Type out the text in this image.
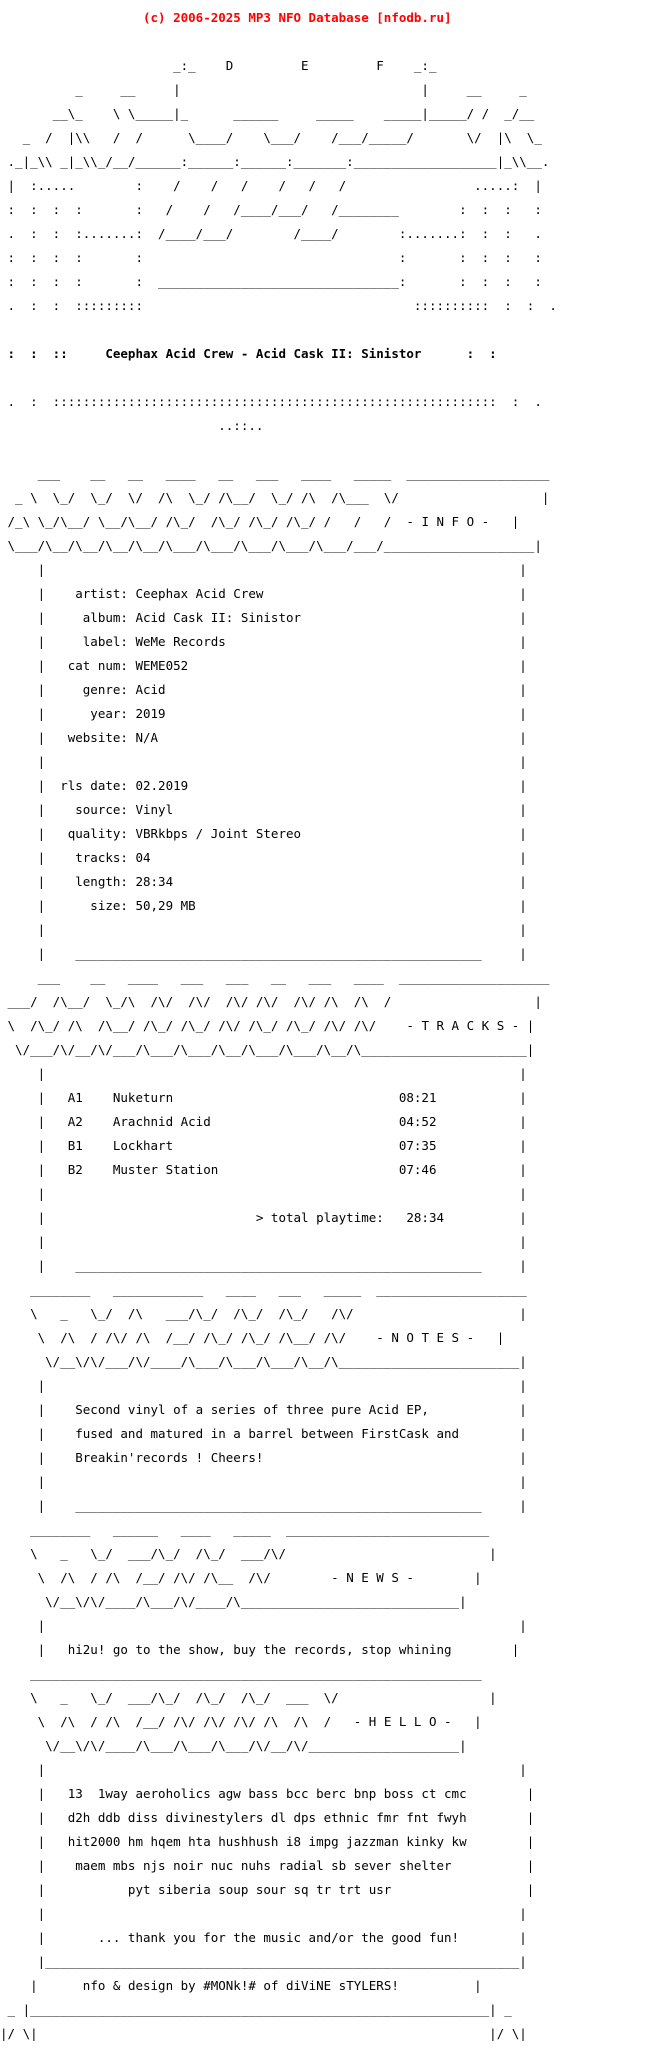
(c) 2006-2025 MP3 NFO Database [nfodb.ru]

_:_    D         E         F    _:_

_     __     |                                |     __     _

__\_    \ \_____|_      ______     _____    _____|_____/ /  _/__

_  /  |\\   /  /      \____/    \___/    /___/_____/       \/  |\  \_

._|_\\ _|_\\_/__/______:______:______:_______:___________________|_\\__.

|  :.....        :    /    /   /    /   /   /                 .....:  |

:  :  :  :       :   /    /   /____/___/   /________        :  :  :   :

.  :  :  :.......:  /____/___/        /____/        :.......:  :  :   .

:  :  :  :       :                                  :       :  :  :   :

:  :  :  :       :  ________________________________:       :  :  :   :

.  :  :  :::::::::                                    ::::::::::  :  :  .

:  :  ::     Ceephax Acid Crew - Acid Cask II: Sinistor      :  :

.  :  :::::::::::::::::::::::::::::::::::::::::::::::::::::::::::  :  .

..::..

___    __   __   ____   __   ___   ____   _____  ___________________

_ \  \_/  \_/  \/  /\  \_/ /\__/  \_/ /\  /\___  \/                   |

/_\ \_/\__/ \__/\__/ /\_/  /\_/ /\_/ /\_/ /   /   /  - I N F O -   |

\___/\__/\__/\__/\__/\___/\___/\___/\___/\___/___/____________________|

|                                                               |

|    artist: Ceephax Acid Crew                                  |

|     album: Acid Cask II: Sinistor                             |

|     label: WeMe Records                                       |

|   cat num: WEME052                                            |

|     genre: Acid                                               |

|      year: 2019                                               |

|   website: N/A                                                |

|                                                               |

|  rls date: 02.2019                                            |

|    source: Vinyl                                              |

|   quality: VBRkbps / Joint Stereo                             |

|    tracks: 04                                                 |

|    length: 28:34                                              |

|      size: 50,29 MB                                           |

|                                                               |

|    ______________________________________________________     |

___    __   ____   ___   ___   __   ___   ____  ____________________

___/  /\__/  \_/\  /\/  /\/  /\/ /\/  /\/ /\  /\  /                   |

\  /\_/ /\  /\__/ /\_/ /\_/ /\/ /\_/ /\_/ /\/ /\/    - T R A C K S - |

\/___/\/__/\/___/\___/\___/\__/\___/\___/\__/\______________________|

|                                                               |

|   A1    Nuketurn                              08:21           |

|   A2    Arachnid Acid                         04:52           |

|   B1    Lockhart                              07:35           |

|   B2    Muster Station                        07:46           |

|                                                               |

|                            > total playtime:   28:34          |

|                                                               |

|    ______________________________________________________     |

________   ____________   ____   ___   _____  ____________________

\   _   \_/  /\   ___/\_/  /\_/  /\_/   /\/                      |

\  /\  / /\/ /\  /__/ /\_/ /\_/ /\__/ /\/    - N O T E S -   |

\/__\/\/___/\/____/\___/\___/\___/\__/\________________________|

|                                                               |

|    Second vinyl of a series of three pure Acid EP,            |

|    fused and matured in a barrel between FirstCask and        |

|    Breakin'records ! Cheers!                                  |

|                                                               |

|    ______________________________________________________     |

________   ______   ____   _____  ___________________________

\   _   \_/  ___/\_/  /\_/  ___/\/                           |

\  /\  / /\  /__/ /\/ /\__  /\/        - N E W S -        |

\/__\/\/____/\___/\/____/\_____________________________|

|                                                               |

|   hi2u! go to the show, buy the records, stop whining        |

____________________________________________________________

\   _   \_/  ___/\_/  /\_/  /\_/  ___  \/                    |

\  /\  / /\  /__/ /\/ /\/ /\/ /\  /\  /   - H E L L O -   |

\/__\/\/____/\___/\___/\___/\/__/\/____________________|

|                                                               |

|   13  1way aeroholics agw bass bcc berc bnp boss ct cmc        |

|   d2h ddb diss divinestylers dl dps ethnic fmr fnt fwyh        |

|   hit2000 hm hqem hta hushhush i8 impg jazzman kinky kw        |

|    maem mbs njs noir nuc nuhs radial sb sever shelter          |

|           pyt siberia soup sour sq tr trt usr                  |

|                                                               |

|       ... thank you for the music and/or the good fun!        |

|_______________________________________________________________|

|      nfo & design by #MONk!# of diViNE sTYLERS!          |

_ |_____________________________________________________________| _

|/ \|                                                            |/ \|
